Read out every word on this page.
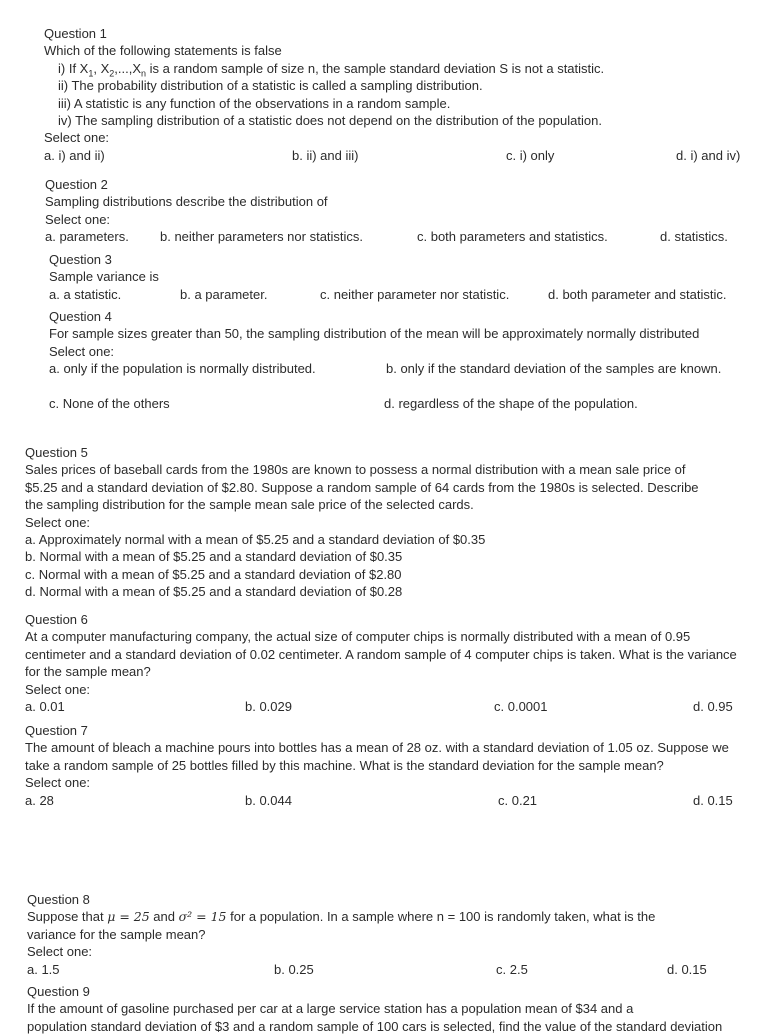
Question 1
Which of the following statements is false
i) If $X_1$, $X_2,...,X_n$ is a random sample of size n, the sample standard deviation S is not a statistic.
ii) The probability distribution of a statistic is called a sampling distribution.
iii) A statistic is any function of the observations in a random sample.
iv) The sampling distribution of a statistic does not depend on the distribution of the population.
Select one:
a. i) and ii)	b. ii) and iii)	c. i) only	d. i) and iv)
Question 2
Sampling distributions describe the distribution of
Select one:
a. parameters. b. neither parameters nor statistics.	c. both parameters and statistics.	d. statistics.
Question 3
Sample variance is
a. a statistic.	b. a parameter.	c. neither parameter nor statistic.	d. both parameter and statistic.
Question 4
For sample sizes greater than 50, the sampling distribution of the mean will be approximately normally distributed
Select one:
a. only if the population is normally distributed.	b. only if the standard deviation of the samples are known.
c. None of the others	d. regardless of the shape of the population.
Question 5
Sales prices of baseball cards from the 1980s are known to possess a normal distribution with a mean sale price of $5.25 and a standard deviation of $2.80. Suppose a random sample of 64 cards from the 1980s is selected. Describe the sampling distribution for the sample mean sale price of the selected cards.
Select one:
a. Approximately normal with a mean of $5.25 and a standard deviation of $0.35
b. Normal with a mean of $5.25 and a standard deviation of $0.35
c. Normal with a mean of $5.25 and a standard deviation of $2.80
d. Normal with a mean of $5.25 and a standard deviation of $0.28
Question 6
At a computer manufacturing company, the actual size of computer chips is normally distributed with a mean of 0.95 centimeter and a standard deviation of 0.02 centimeter. A random sample of 4 computer chips is taken. What is the variance for the sample mean?
Select one:
a. 0.01	b. 0.029	c. 0.0001	d. 0.95
Question 7
The amount of bleach a machine pours into bottles has a mean of 28 oz. with a standard deviation of 1.05 oz. Suppose we take a random sample of 25 bottles filled by this machine. What is the standard deviation for the sample mean?
Select one:
a. 28	b. 0.044	c. 0.21	d. 0.15
Question 8
Suppose that μ = 25 and σ² = 15 for a population. In a sample where n = 100 is randomly taken, what is the
variance for the sample mean?
Select one:
a. 1.5	b. 0.25	c. 2.5	d. 0.15
Question 9
If the amount of gasoline purchased per car at a large service station has a population mean of $34 and a
population standard deviation of $3 and a random sample of 100 cars is selected, find the value of the standard deviation
